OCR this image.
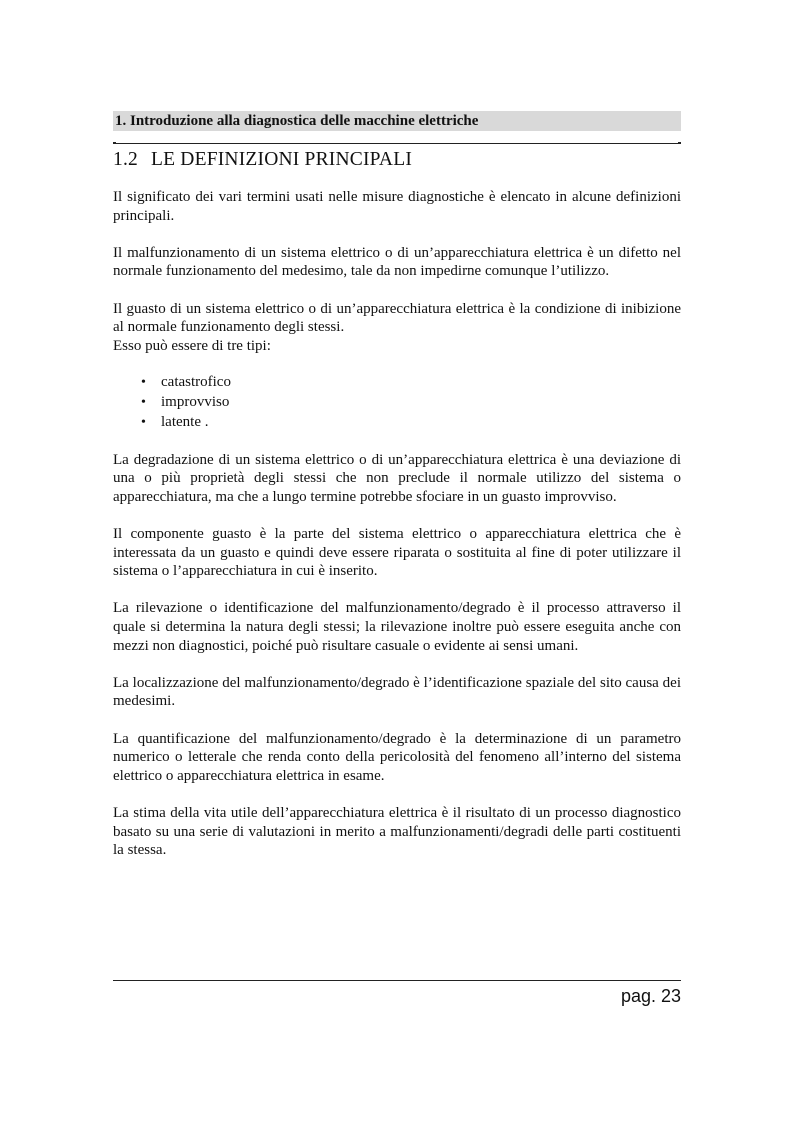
1. Introduzione alla diagnostica delle macchine elettriche
1.2 LE DEFINIZIONI PRINCIPALI

Il significato dei vari termini usati nelle misure diagnostiche è elencato in alcune definizioni principali.

Il malfunzionamento di un sistema elettrico o di un’apparecchiatura elettrica è un difetto nel normale funzionamento del medesimo, tale da non impedirne comunque l’utilizzo.

Il guasto di un sistema elettrico o di un’apparecchiatura elettrica è la condizione di inibizione al normale funzionamento degli stessi.

Esso può essere di tre tipi:

• catastrofico
• improvviso
• latente .

La degradazione di un sistema elettrico o di un’apparecchiatura elettrica è una deviazione di una o più proprietà degli stessi che non preclude il normale utilizzo del sistema o apparecchiatura, ma che a lungo termine potrebbe sfociare in un guasto improvviso.

Il componente guasto è la parte del sistema elettrico o apparecchiatura elettrica che è interessata da un guasto e quindi deve essere riparata o sostituita al fine di poter utilizzare il sistema o l’apparecchiatura in cui è inserito.

La rilevazione o identificazione del malfunzionamento/degrado è il processo attraverso il quale si determina la natura degli stessi; la rilevazione inoltre può essere eseguita anche con mezzi non diagnostici, poiché può risultare casuale o evidente ai sensi umani.

La localizzazione del malfunzionamento/degrado è l’identificazione spaziale del sito causa dei medesimi.

La quantificazione del malfunzionamento/degrado è la determinazione di un parametro numerico o letterale che renda conto della pericolosità del fenomeno all’interno del sistema elettrico o apparecchiatura elettrica in esame.

La stima della vita utile dell’apparecchiatura elettrica è il risultato di un processo diagnostico basato su una serie di valutazioni in merito a malfunzionamenti/degradi delle parti costituenti la stessa.

pag. 23
